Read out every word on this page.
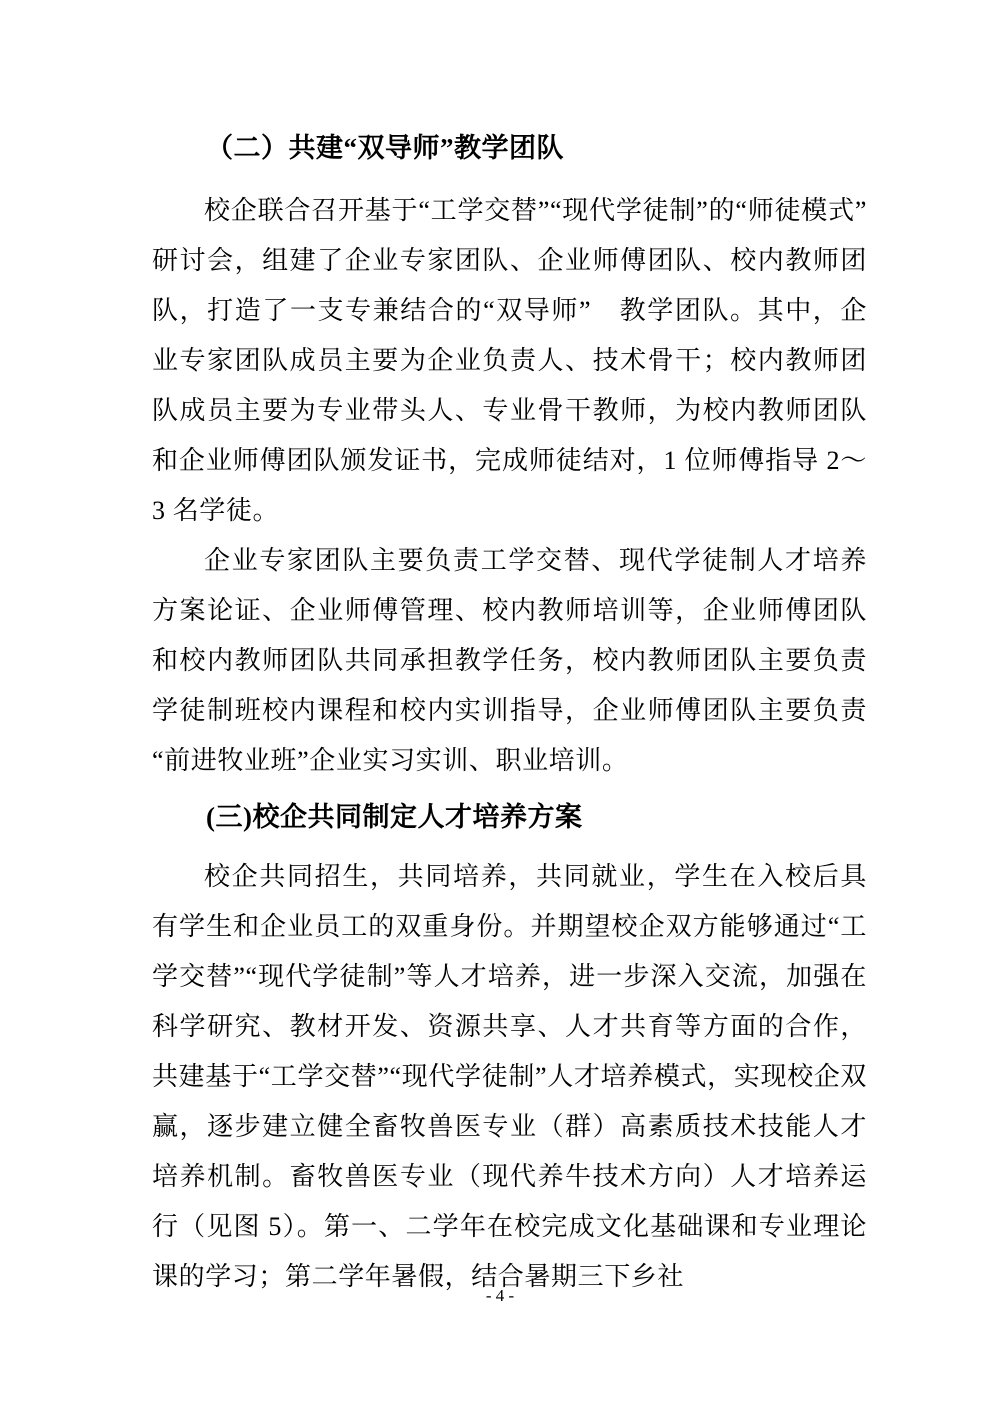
（二）共建“双导师”教学团队

校企联合召开基于“工学交替”“现代学徒制”的“师徒模式”研讨会，组建了企业专家团队、企业师傅团队、校内教师团队，打造了一支专兼结合的“双导师”　教学团队。其中，企业专家团队成员主要为企业负责人、技术骨干；校内教师团队成员主要为专业带头人、专业骨干教师，为校内教师团队和企业师傅团队颁发证书，完成师徒结对，1 位师傅指导 2～3 名学徒。

企业专家团队主要负责工学交替、现代学徒制人才培养方案论证、企业师傅管理、校内教师培训等，企业师傅团队和校内教师团队共同承担教学任务，校内教师团队主要负责学徒制班校内课程和校内实训指导，企业师傅团队主要负责“前进牧业班”企业实习实训、职业培训。

(三)校企共同制定人才培养方案

校企共同招生，共同培养，共同就业，学生在入校后具有学生和企业员工的双重身份。并期望校企双方能够通过“工学交替”“现代学徒制”等人才培养，进一步深入交流，加强在科学研究、教材开发、资源共享、人才共育等方面的合作，共建基于“工学交替”“现代学徒制”人才培养模式，实现校企双赢，逐步建立健全畜牧兽医专业（群）高素质技术技能人才培养机制。畜牧兽医专业（现代养牛技术方向）人才培养运行（见图 5）。第一、二学年在校完成文化基础课和专业理论课的学习；第二学年暑假，结合暑期三下乡社

- 4 -
